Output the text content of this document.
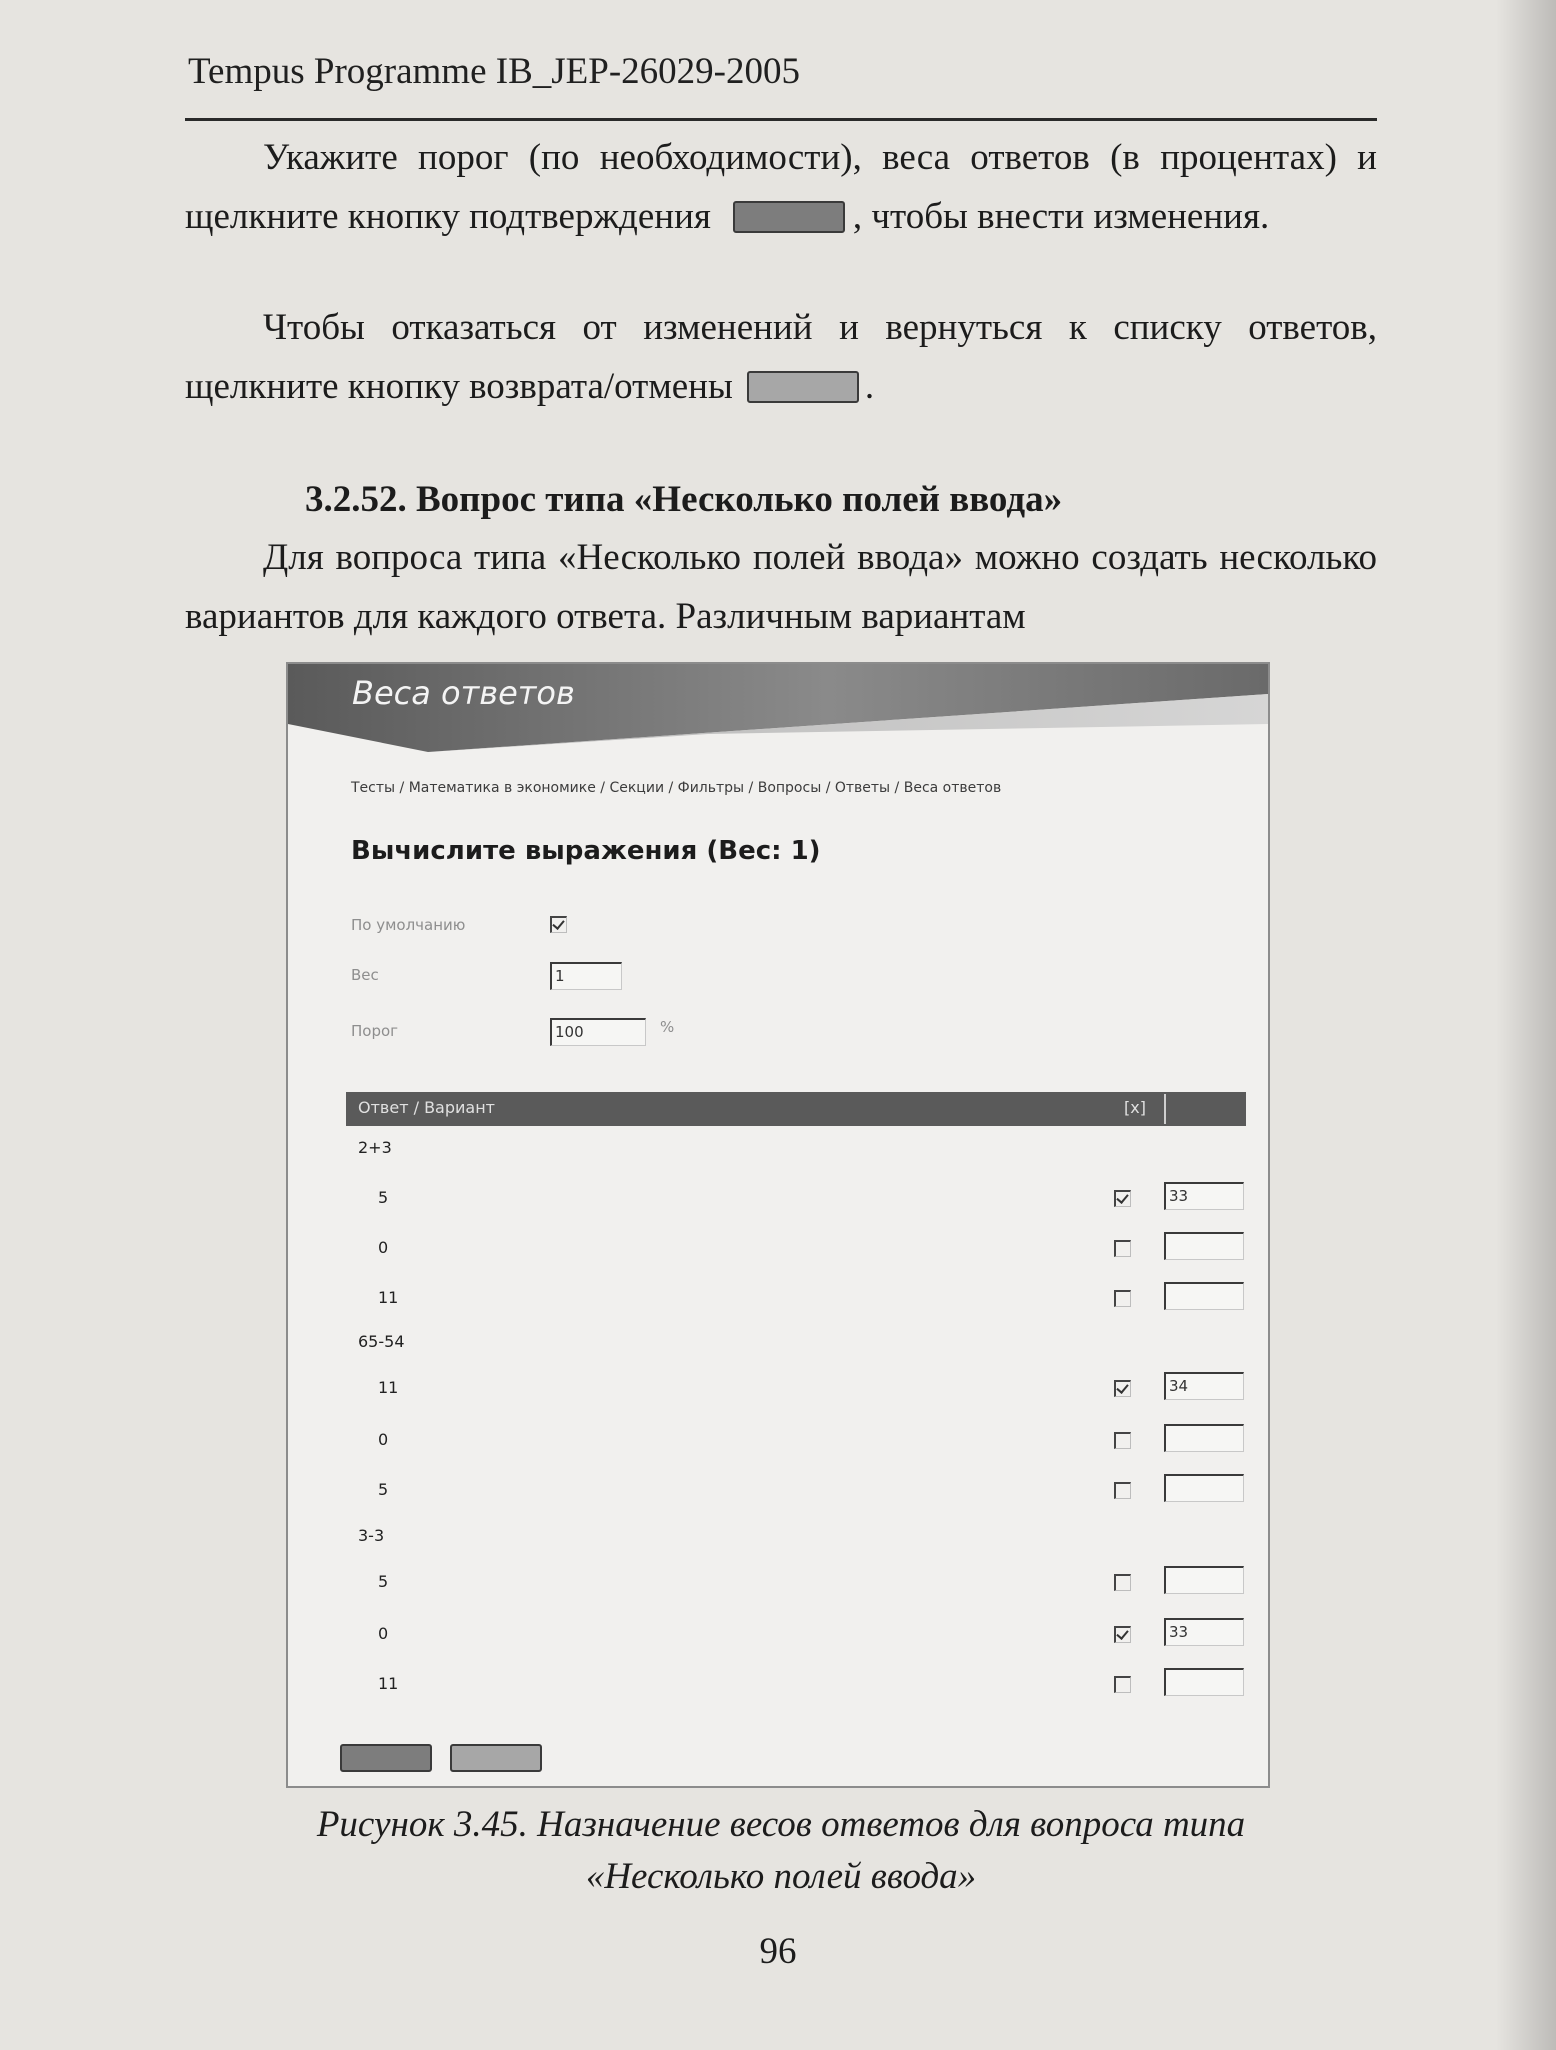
Tempus Programme IB_JEP-26029-2005
Укажите порог (по необходимости), веса ответов (в процентах) и щелкните кнопку подтверждения	, чтобы внести изменения.
Чтобы отказаться от изменений и вернуться к списку ответов, щелкните кнопку возврата/отмены	.
3.2.52. Вопрос типа «Несколько полей ввода»
Для вопроса типа «Несколько полей ввода» можно создать несколько вариантов для каждого ответа. Различным вариантам
Веса ответов
Тесты / Математика в экономике / Секции / Фильтры / Вопросы / Ответы / Веса ответов
Вычислите выражения (Вес: 1)
По умолчанию
Вес	1
Порог	100	%
Ответ / Вариант	[x]
2+3
5	33
0
11
65-54
11	34
0
5
3-3
5
0	33
11
Рисунок 3.45. Назначение весов ответов для вопроса типа
«Несколько полей ввода»
96
